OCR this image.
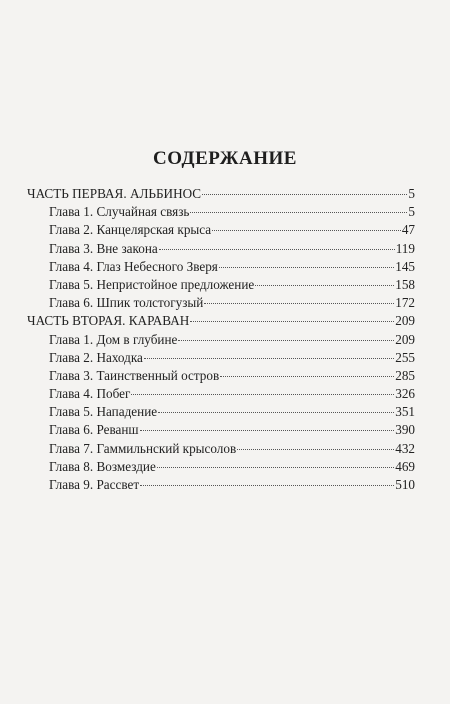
СОДЕРЖАНИЕ
ЧАСТЬ ПЕРВАЯ. АЛЬБИНОС	5
Глава 1. Случайная связь	5
Глава 2. Канцелярская крыса	47
Глава 3. Вне закона	119
Глава 4. Глаз Небесного Зверя	145
Глава 5. Непристойное предложение	158
Глава 6. Шпик толстогузый	172
ЧАСТЬ ВТОРАЯ. КАРАВАН	209
Глава 1. Дом в глубине	209
Глава 2. Находка	255
Глава 3. Таинственный остров	285
Глава 4. Побег	326
Глава 5. Нападение	351
Глава 6. Реванш	390
Глава 7. Гаммильнский крысолов	432
Глава 8. Возмездие	469
Глава 9. Рассвет	510
